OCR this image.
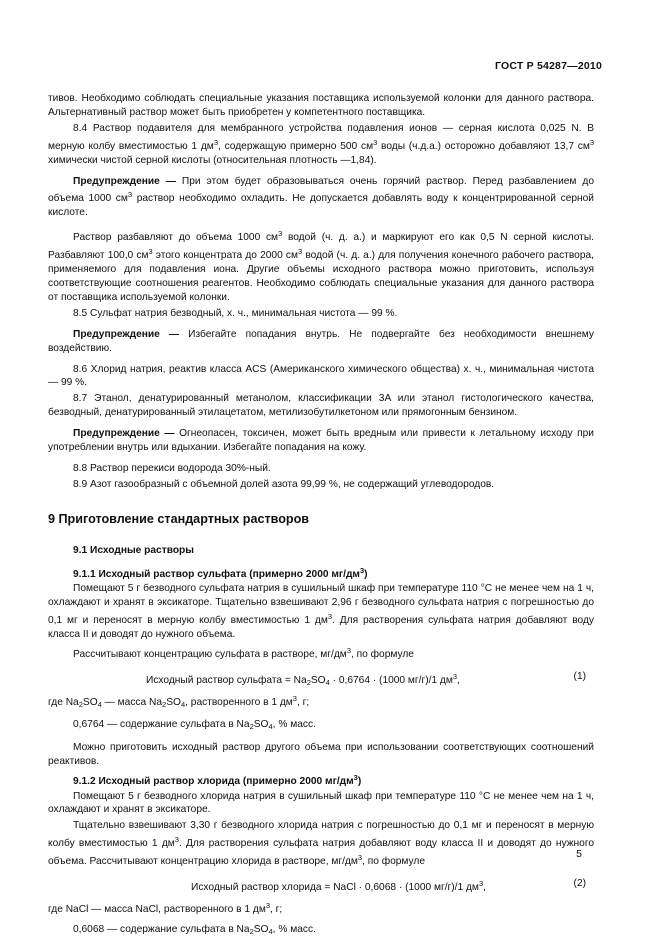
ГОСТ Р 54287—2010

тивов. Необходимо соблюдать специальные указания поставщика используемой колонки для данного раствора. Альтернативный раствор может быть приобретен у компетентного поставщика.

8.4 Раствор подавителя для мембранного устройства подавления ионов — серная кислота 0,025 N. В мерную колбу вместимостью 1 $дм^3$, содержащую примерно 500 $см^3$ воды (ч.д.а.) осторожно добавляют 13,7 $см^3$ химически чистой серной кислоты (относительная плотность —1,84).

Предупреждение — При этом будет образовываться очень горячий раствор. Перед разбавлением до объема 1000 $см^3$ раствор необходимо охладить. Не допускается добавлять воду к концентрированной серной кислоте.

Раствор разбавляют до объема 1000 $см^3$ водой (ч. д. а.) и маркируют его как 0,5 N серной кислоты. Разбавляют 100,0 $см^3$ этого концентрата до 2000 $см^3$ водой (ч. д. а.) для получения конечного рабочего раствора, применяемого для подавления иона. Другие объемы исходного раствора можно приготовить, используя соответствующие соотношения реагентов. Необходимо соблюдать специальные указания для данного раствора от поставщика используемой колонки.

8.5 Сульфат натрия безводный, х. ч., минимальная чистота — 99 %.

Предупреждение — Избегайте попадания внутрь. Не подвергайте без необходимости внешнему воздействию.

8.6 Хлорид натрия, реактив класса ACS (Американского химического общества) х. ч., минимальная чистота — 99 %.

8.7 Этанол, денатурированный метанолом, классификации 3A или этанол гистологического качества, безводный, денатурированный этилацетатом, метилизобутилкетоном или прямогонным бензином.

Предупреждение — Огнеопасен, токсичен, может быть вредным или привести к летальному исходу при употреблении внутрь или вдыхании. Избегайте попадания на кожу.

8.8 Раствор перекиси водорода 30%-ный.

8.9 Азот газообразный с объемной долей азота 99,99 %, не содержащий углеводородов.

9 Приготовление стандартных растворов
9.1 Исходные растворы
9.1.1 Исходный раствор сульфата (примерно 2000 $мг/дм^3$)

Помещают 5 г безводного сульфата натрия в сушильный шкаф при температуре 110 °С не менее чем на 1 ч, охлаждают и хранят в эксикаторе. Тщательно взвешивают 2,96 г безводного сульфата натрия с погрешностью до 0,1 мг и переносят в мерную колбу вместимостью 1 $дм^3$. Для растворения сульфата натрия добавляют воду класса II и доводят до нужного объема.

Рассчитывают концентрацию сульфата в растворе, $мг/дм^3$, по формуле

Исходный раствор сульфата = $Na_2SO_4 \cdot 0,6764 \cdot (1000$ мг/г)/1 $дм^3$,	(1)

где $Na_2SO_4$ — масса $Na_2SO_4$, растворенного в 1 $дм^3$, г;

0,6764 — содержание сульфата в $Na_2SO_4$, % масс.

Можно приготовить исходный раствор другого объема при использовании соответствующих соотношений реактивов.

9.1.2 Исходный раствор хлорида (примерно 2000 $мг/дм^3$)

Помещают 5 г безводного хлорида натрия в сушильный шкаф при температуре 110 °С не менее чем на 1 ч, охлаждают и хранят в эксикаторе.

Тщательно взвешивают 3,30 г безводного хлорида натрия с погрешностью до 0,1 мг и переносят в мерную колбу вместимостью 1 $дм^3$. Для растворения сульфата натрия добавляют воду класса II и доводят до нужного объема. Рассчитывают концентрацию хлорида в растворе, $мг/дм^3$, по формуле

Исходный раствор хлорида = NaCl · 0,6068 · (1000 мг/г)/1 $дм^3$,	(2)

где NaCl — масса NaCl, растворенного в 1 $дм^3$, г;

0,6068 — содержание сульфата в $Na_2SO_4$, % масс.

5
